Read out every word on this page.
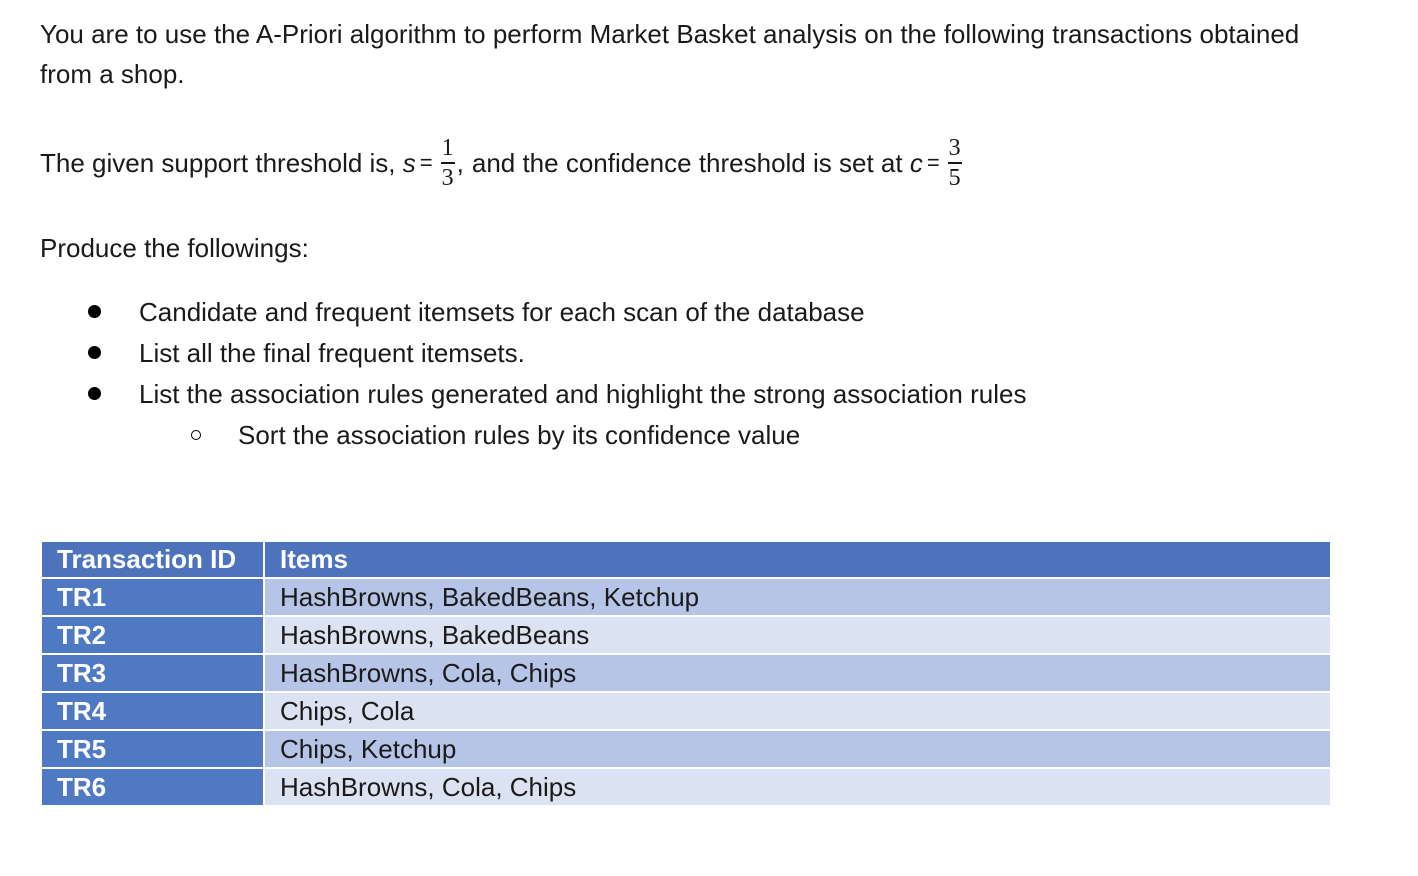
You are to use the A-Priori algorithm to perform Market Basket analysis on the following transactions obtained from a shop.

The given support threshold is, $s = \frac{1}{3}$ , and the confidence threshold is set at $c = \frac{3}{5}$

Produce the followings:

Candidate and frequent itemsets for each scan of the database
List all the final frequent itemsets.
List the association rules generated and highlight the strong association rules
Sort the association rules by its confidence value
Transaction ID	Items
TR1	HashBrowns, BakedBeans, Ketchup
TR2	HashBrowns, BakedBeans
TR3	HashBrowns, Cola, Chips
TR4	Chips, Cola
TR5	Chips, Ketchup
TR6	HashBrowns, Cola, Chips
